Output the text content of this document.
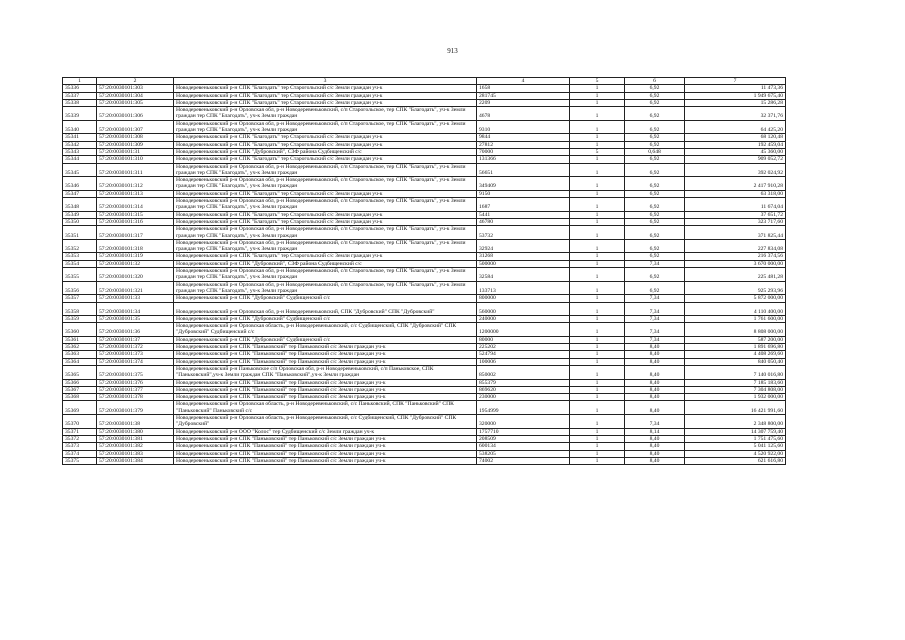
913
1	2	3	4	5	6	7
35336	57:20:0030101:303	Новодеревеньковский р-н СПК "Благодать" тер Старогольский с/с Земли граждан уч-к	1658	1	6,92	11 473,36
35337	57:20:0030101:304	Новодеревеньковский р-н СПК "Благодать" тер Старогольский с/с Земли граждан уч-к	281745	1	6,92	1 949 675,40
35338	57:20:0030101:305	Новодеревеньковский р-н СПК "Благодать" тер Старогольский с/с Земли граждан уч-к	2209	1	6,92	15 286,28
35339	57:20:0030101:306	Новодеревеньковский р-н Орловская обл, р-н Новодеревеньковский, с/п Старогольское, тер СПК "Благодать", уч-к Земли граждан тер СПК "Благодать", уч-к Земли граждан	4678	1	6,92	32 371,76
35340	57:20:0030101:307	Новодеревеньковский р-н Орловская обл, р-н Новодеревеньковский, с/п Старогольское, тер СПК "Благодать", уч-к Земли граждан тер СПК "Благодать", уч-к Земли граждан	9310	1	6,92	64 425,20
35341	57:20:0030101:308	Новодеревеньковский р-н СПК "Благодать" тер Старогольский с/с Земли граждан уч-к	9844	1	6,92	68 120,48
35342	57:20:0030101:309	Новодеревеньковский р-н СПК "Благодать" тер Старогольский с/с Земли граждан уч-к	27812	1	6,92	192 459,04
35343	57:20:0030101:31	Новодеревеньковский р-н СПК "Дубровский", СЗФ района Судбищенский с/с	70000	5	0,648	45 360,00
35344	57:20:0030101:310	Новодеревеньковский р-н СПК "Благодать" тер Старогольский с/с Земли граждан уч-к	131366	1	6,92	909 052,72
35345	57:20:0030101:311	Новодеревеньковский р-н Орловская обл, р-н Новодеревеньковский, с/п Старогольское, тер СПК "Благодать", уч-к Земли граждан тер СПК "Благодать", уч-к Земли граждан	56651	1	6,92	392 024,92
35346	57:20:0030101:312	Новодеревеньковский р-н Орловская обл, р-н Новодеревеньковский, с/п Старогольское, тер СПК "Благодать", уч-к Земли граждан тер СПК "Благодать", уч-к Земли граждан	349409	1	6,92	2 417 910,28
35347	57:20:0030101:313	Новодеревеньковский р-н СПК "Благодать" тер Старогольский с/с Земли граждан уч-к	9150	1	6,92	63 318,00
35348	57:20:0030101:314	Новодеревеньковский р-н Орловская обл, р-н Новодеревеньковский, с/п Старогольское, тер СПК "Благодать", уч-к Земли граждан тер СПК "Благодать", уч-к Земли граждан	1687	1	6,92	11 674,04
35349	57:20:0030101:315	Новодеревеньковский р-н СПК "Благодать" тер Старогольский с/с Земли граждан уч-к	5441	1	6,92	37 651,72
35350	57:20:0030101:316	Новодеревеньковский р-н СПК "Благодать" тер Старогольский с/с Земли граждан уч-к	46780	1	6,92	323 717,60
35351	57:20:0030101:317	Новодеревеньковский р-н Орловская обл, р-н Новодеревеньковский, с/п Старогольское, тер СПК "Благодать", уч-к Земли граждан тер СПК "Благодать", уч-к Земли граждан	53732	1	6,92	371 825,44
35352	57:20:0030101:318	Новодеревеньковский р-н Орловская обл, р-н Новодеревеньковский, с/п Старогольское, тер СПК "Благодать", уч-к Земли граждан тер СПК "Благодать", уч-к Земли граждан	32924	1	6,92	227 834,08
35353	57:20:0030101:319	Новодеревеньковский р-н СПК "Благодать" тер Старогольский с/с Земли граждан уч-к	31268	1	6,92	216 374,56
35354	57:20:0030101:32	Новодеревеньковский р-н СПК "Дубровский", СЗФ района Судбищенский с/с	500000	1	7,34	3 670 000,00
35355	57:20:0030101:320	Новодеревеньковский р-н Орловская обл, р-н Новодеревеньковский, с/п Старогольское, тер СПК "Благодать", уч-к Земли граждан тер СПК "Благодать", уч-к Земли граждан	32584	1	6,92	225 481,28
35356	57:20:0030101:321	Новодеревеньковский р-н Орловская обл, р-н Новодеревеньковский, с/п Старогольское, тер СПК "Благодать", уч-к Земли граждан тер СПК "Благодать", уч-к Земли граждан	133713	1	6,92	925 293,96
35357	57:20:0030101:33	Новодеревеньковский р-н СПК "Дубровский" Судбищенский с/с	800000	1	7,34	5 872 000,00
35358	57:20:0030101:34	Новодеревеньковский р-н Орловская обл, р-н Новодеревеньковский, СПК "Дубровский" СПК "Дубровский"	560000	1	7,34	4 110 400,00
35359	57:20:0030101:35	Новодеревеньковский р-н СПК "Дубровский" Судбищенский с/с	240000	1	7,34	1 761 600,00
35360	57:20:0030101:36	Новодеревеньковский р-н Орловская область, р-н Новодеревеньковский, с/с Судбищенский, СПК "Дубровский" СПК "Дубровский" Судбищенский с/с	1200000	1	7,34	8 808 000,00
35361	57:20:0030101:37	Новодеревеньковский р-н СПК "Дубровский" Судбищенский с/с	80000	1	7,34	587 200,00
35362	57:20:0030101:372	Новодеревеньковский р-н СПК "Паньковский" тер Паньковский с/с Земли граждан уч-к	225202	1	8,40	1 891 696,80
35363	57:20:0030101:373	Новодеревеньковский р-н СПК "Паньковский" тер Паньковский с/с Земли граждан уч-к	524794	1	8,40	4 408 269,60
35364	57:20:0030101:374	Новодеревеньковский р-н СПК "Паньковский" тер Паньковский с/с Земли граждан уч-к	100006	1	8,40	840 050,40
35365	57:20:0030101:375	Новодеревеньковский р-н Паньковское с/п Орловская обл, р-н Новодеревеньковский, с/п Паньковское, СПК "Паньковский",уч-к Земли граждан СПК "Паньковский",уч-к Земли граждан	850002	1	8,40	7 140 016,80
35366	57:20:0030101:376	Новодеревеньковский р-н СПК "Паньковский" тер Паньковский с/с Земли граждан уч-к	855379	1	8,40	7 185 183,60
35367	57:20:0030101:377	Новодеревеньковский р-н СПК "Паньковский" тер Паньковский с/с Земли граждан уч-к	869620	1	8,40	7 304 808,00
35368	57:20:0030101:378	Новодеревеньковский р-н СПК "Паньковский" тер Паньковский с/с Земли граждан уч-к	230000	1	8,40	1 932 000,00
35369	57:20:0030101:379	Новодеревеньковский р-н Орловская область, р-н Новодеревеньковский, с/с Паньковский, СПК "Паньковский" СПК "Паньковский" Паньковский с/с	1954999	1	8,40	16 421 991,60
35370	57:20:0030101:38	Новодеревеньковский р-н Орловская область, р-н Новодеревеньковский, с/с Судбищенский, СПК "Дубровский" СПК "Дубровский"	320000	1	7,34	2 348 800,00
35371	57:20:0030101:380	Новодеревеньковский р-н ООО "Колос" тер Судбищенский с/с Земли граждан уч-к	1757710	1	8,14	14 307 759,40
35372	57:20:0030101:381	Новодеревеньковский р-н СПК "Паньковский" тер Паньковский с/с Земли граждан уч-к	208509	1	8,40	1 751 475,60
35373	57:20:0030101:382	Новодеревеньковский р-н СПК "Паньковский" тер Паньковский с/с Земли граждан уч-к	600134	1	8,40	5 041 125,60
35374	57:20:0030101:383	Новодеревеньковский р-н СПК "Паньковский" тер Паньковский с/с Земли граждан уч-к	538205	1	8,40	4 520 922,00
35375	57:20:0030101:384	Новодеревеньковский р-н СПК "Паньковский" тер Паньковский с/с Земли граждан уч-к	74002	1	8,40	621 616,80
